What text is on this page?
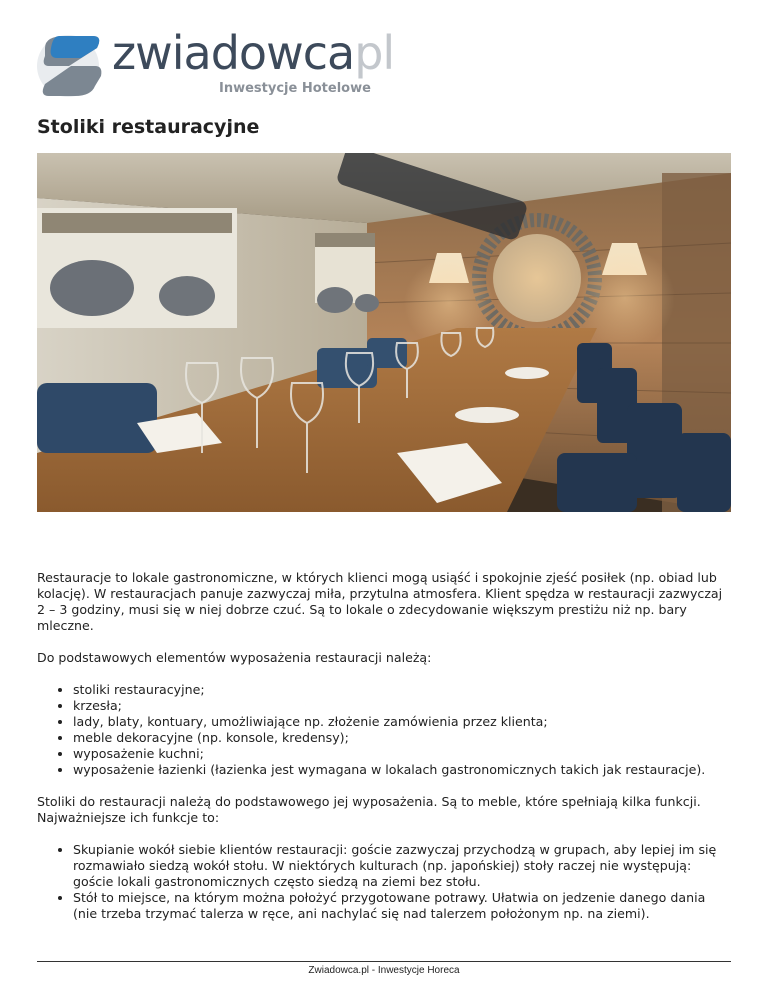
zwiadowcapl
Inwestycje Hotelowe
Stoliki restauracyjne

Restauracje to lokale gastronomiczne, w których klienci mogą usiąść i spokojnie zjeść posiłek (np. obiad lub kolację). W restauracjach panuje zazwyczaj miła, przytulna atmosfera. Klient spędza w restauracji zazwyczaj 2 – 3 godziny, musi się w niej dobrze czuć. Są to lokale o zdecydowanie większym prestiżu niż np. bary mleczne.

Do podstawowych elementów wyposażenia restauracji należą:

• stoliki restauracyjne;
• krzesła;
• lady, blaty, kontuary, umożliwiające np. złożenie zamówienia przez klienta;
• meble dekoracyjne (np. konsole, kredensy);
• wyposażenie kuchni;
• wyposażenie łazienki (łazienka jest wymagana w lokalach gastronomicznych takich jak restauracje).

Stoliki do restauracji należą do podstawowego jej wyposażenia. Są to meble, które spełniają kilka funkcji. Najważniejsze ich funkcje to:

• Skupianie wokół siebie klientów restauracji: goście zazwyczaj przychodzą w grupach, aby lepiej im się rozmawiało siedzą wokół stołu. W niektórych kulturach (np. japońskiej) stoły raczej nie występują: goście lokali gastronomicznych często siedzą na ziemi bez stołu.
• Stół to miejsce, na którym można położyć przygotowane potrawy. Ułatwia on jedzenie danego dania (nie trzeba trzymać talerza w ręce, ani nachylać się nad talerzem położonym np. na ziemi).
Zwiadowca.pl - Inwestycje Horeca
